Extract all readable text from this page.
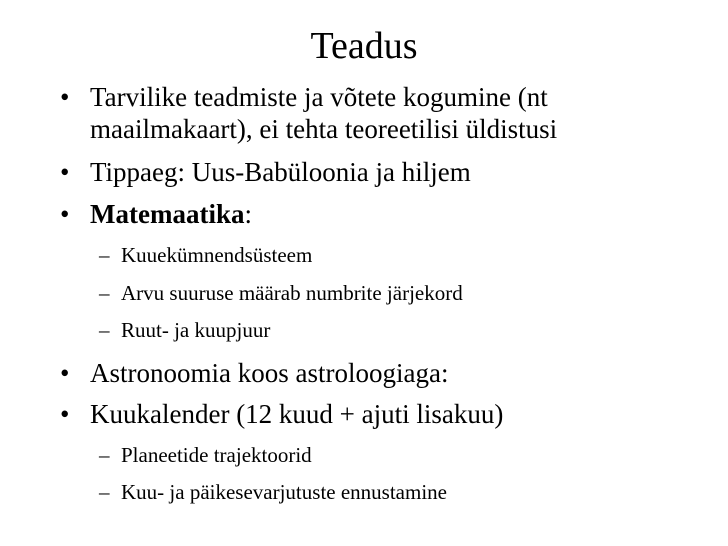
Teadus
• Tarvilike teadmiste ja võtete kogumine (nt
maailmakaart), ei tehta teoreetilisi üldistusi
• Tippaeg: Uus-Babüloonia ja hiljem
• Matemaatika:
– Kuuekümnendsüsteem
– Arvu suuruse määrab numbrite järjekord
– Ruut- ja kuupjuur
• Astronoomia koos astroloogiaga:
• Kuukalender (12 kuud + ajuti lisakuu)
– Planeetide trajektoorid
– Kuu- ja päikesevarjutuste ennustamine
